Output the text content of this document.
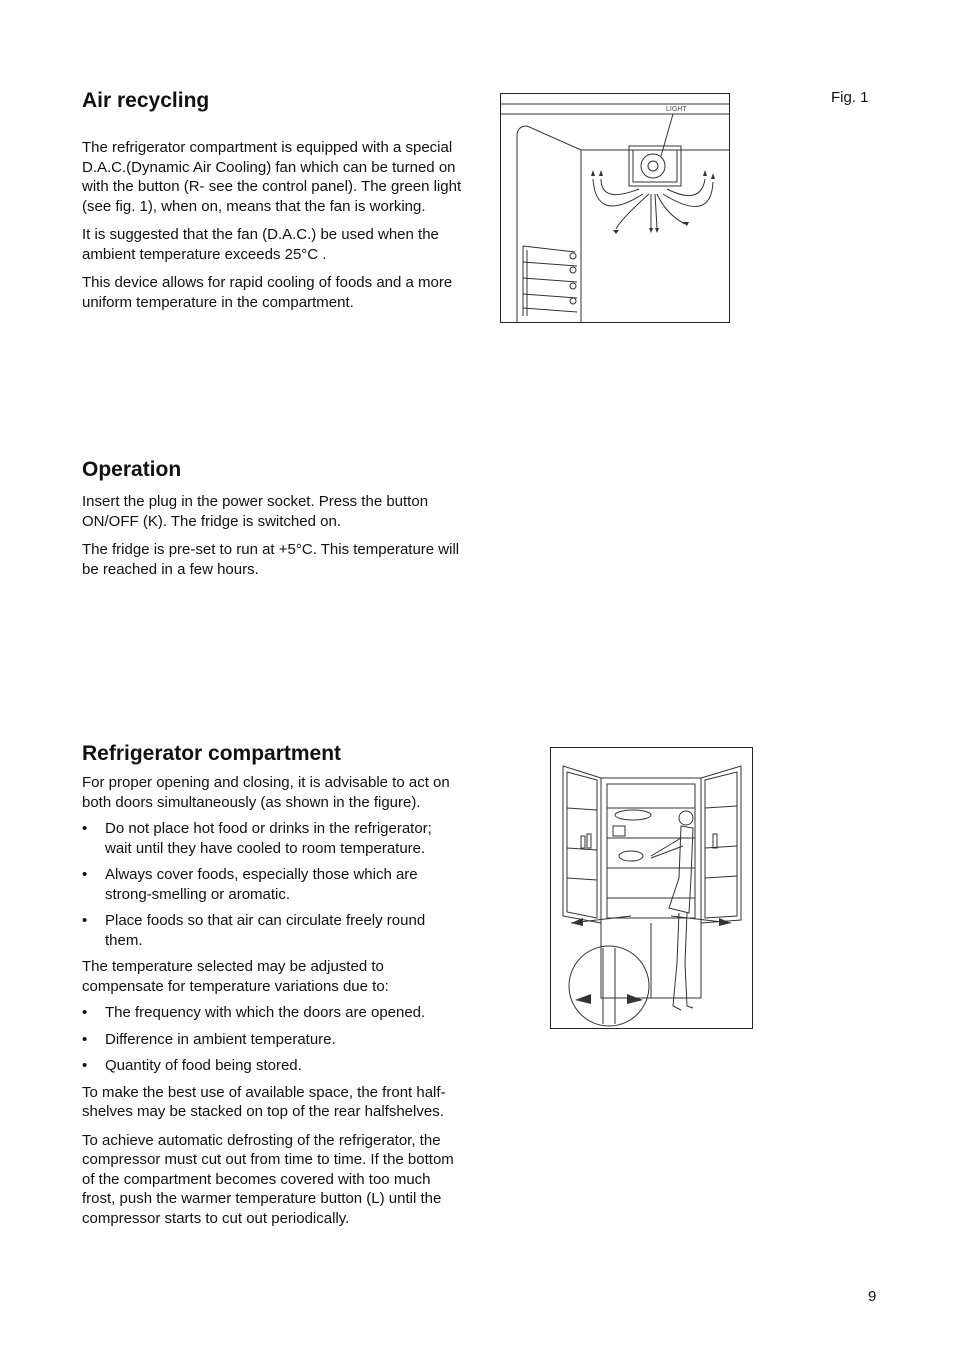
Air recycling

The refrigerator compartment is equipped with a special D.A.C.(Dynamic Air Cooling) fan which can be turned on with the button (R- see the control panel). The green light (see fig. 1), when on, means that the fan is working.

It is suggested that the fan (D.A.C.) be used when the ambient temperature exceeds 25°C .

This device allows for rapid cooling of foods and a more uniform temperature in the compartment.

LIGHT
Fig. 1
Operation

Insert the plug in the power socket. Press the button ON/OFF (K). The fridge is switched on.

The fridge is pre-set to run at +5°C. This temperature will be reached in a few hours.

Refrigerator compartment

For proper opening and closing, it is advisable to act on both doors simultaneously (as shown in the figure).

• Do not place hot food or drinks in the refrigerator; wait until they have cooled to room temperature.
• Always cover foods, especially those which are strong-smelling or aromatic.
• Place foods so that air can circulate freely round them.

The temperature selected may be adjusted to compensate for temperature variations due to:

• The frequency with which the doors are opened.
• Difference in ambient temperature.
• Quantity of food being stored.

To make the best use of available space, the front half-shelves may be stacked on top of the rear halfshelves.

To achieve automatic defrosting of the refrigerator, the compressor must cut out from time to time. If the bottom of the compartment becomes covered with too much frost, push the warmer temperature button (L) until the compressor starts to cut out periodically.

9
